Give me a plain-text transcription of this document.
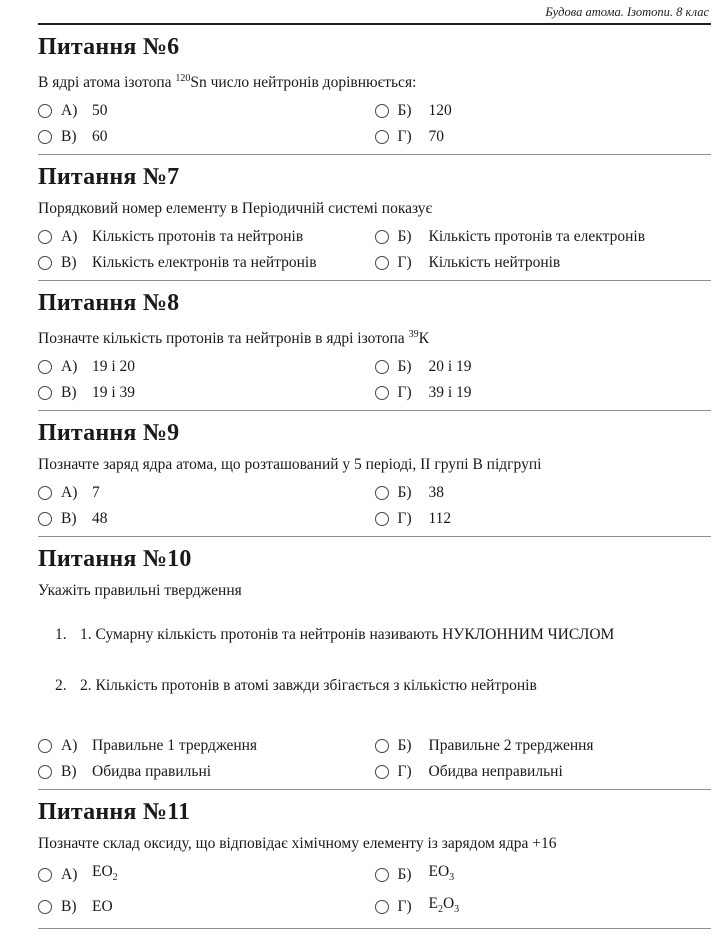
Будова атома. Ізотопи. 8 клас
Питання №6

В ядрі атома ізотопа $^{120}$Sn число нейтронів дорівнюється:

А) 50	Б)	120
В)	60	Г)	70
Питання №7

Порядковий номер елементу в Періодичній системі показує

А) Кількість протонів та нейтронів	Б)	Кількість протонів та електронів
В)	Кількість електронів та нейтронів	Г)	Кількість нейтронів
Питання №8

Позначте кількість протонів та нейтронів в ядрі ізотопа $^{39}$К

А) 19 і 20	Б)	20 і 19
В)	19 і 39	Г)	39 і 19
Питання №9

Позначте заряд ядра атома, що розташований у 5 періоді, II групі В підгрупі

А) 7	Б)	38
В)	48	Г)	112
Питання №10

Укажіть правильні твердження

1. 1. Сумарну кількість протонів та нейтронів називають НУКЛОННИМ ЧИСЛОМ
2. 2. Кількість протонів в атомі завжди збігається з кількістю нейтронів
А) Правильне 1 трердження	Б)	Правильне 2 трердження
В)	Обидва правильні	Г)	Обидва неправильні
Питання №11

Позначте склад оксиду, що відповідає хімічному елементу із зарядом ядра +16

А) $EO_2$	Б)	$EO_3$
В)	EO	Г)	$E_2O_3$
